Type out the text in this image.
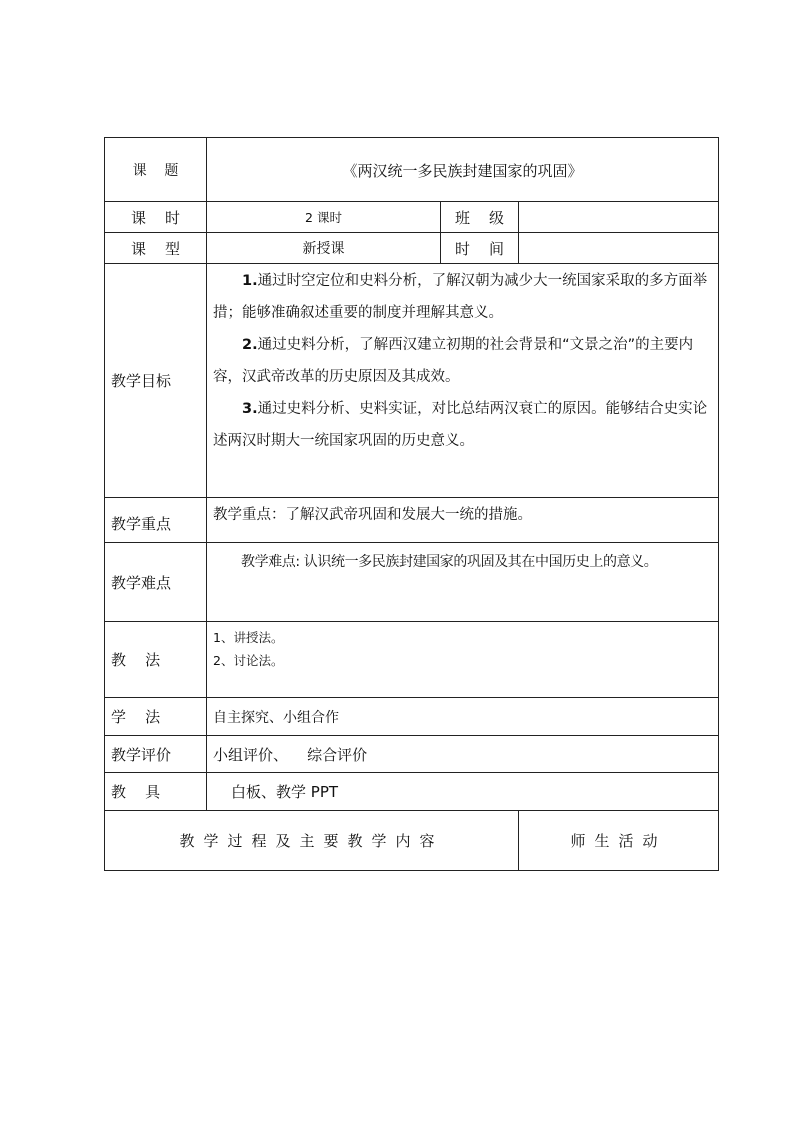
课    题	《两汉统一多民族封建国家的巩固》		
课    时	2 课时	班    级	
课    型	新授课	时    间	
教学目标	1.通过时空定位和史料分析，了解汉朝为减少大一统国家采取的多方面举措；能够准确叙述重要的制度并理解其意义。

2.通过史料分析，了解西汉建立初期的社会背景和“文景之治”的主要内容，汉武帝改革的历史原因及其成效。

3.通过史料分析、史料实证，对比总结两汉衰亡的原因。能够结合史实论述两汉时期大一统国家巩固的历史意义。		

教学重点	教学重点：了解汉武帝巩固和发展大一统的措施。		
教学难点	教学难点: 认识统一多民族封建国家的巩固及其在中国历史上的意义。		
教    法	1、讲授法。
2、讨论法。		

学    法	自主探究、小组合作		
教学评价	小组评价、    综合评价		
教    具	白板、教学 PPT		
教学过程及主要教学内容			师生活动
